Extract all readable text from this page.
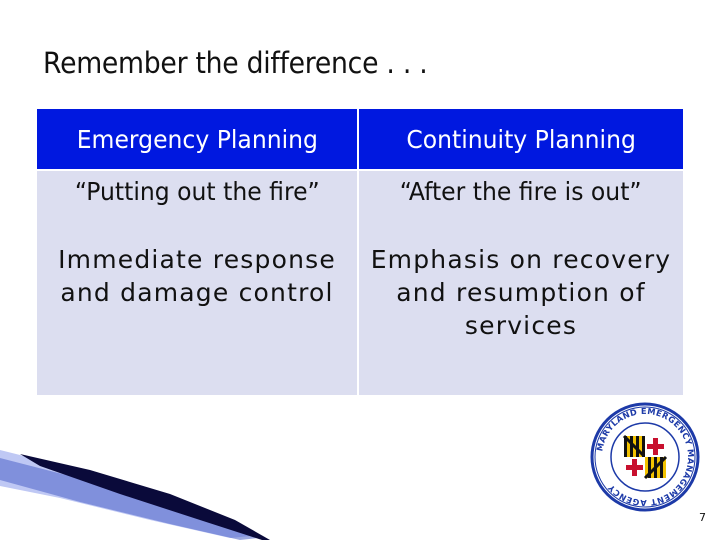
Remember the difference . . .
Emergency Planning	Continuity Planning
“Putting out the fire”
Immediate response and damage control
“After the fire is out”
Emphasis on recovery and resumption of services
MARYLAND EMERGENCY MANAGEMENT AGENCY
7
